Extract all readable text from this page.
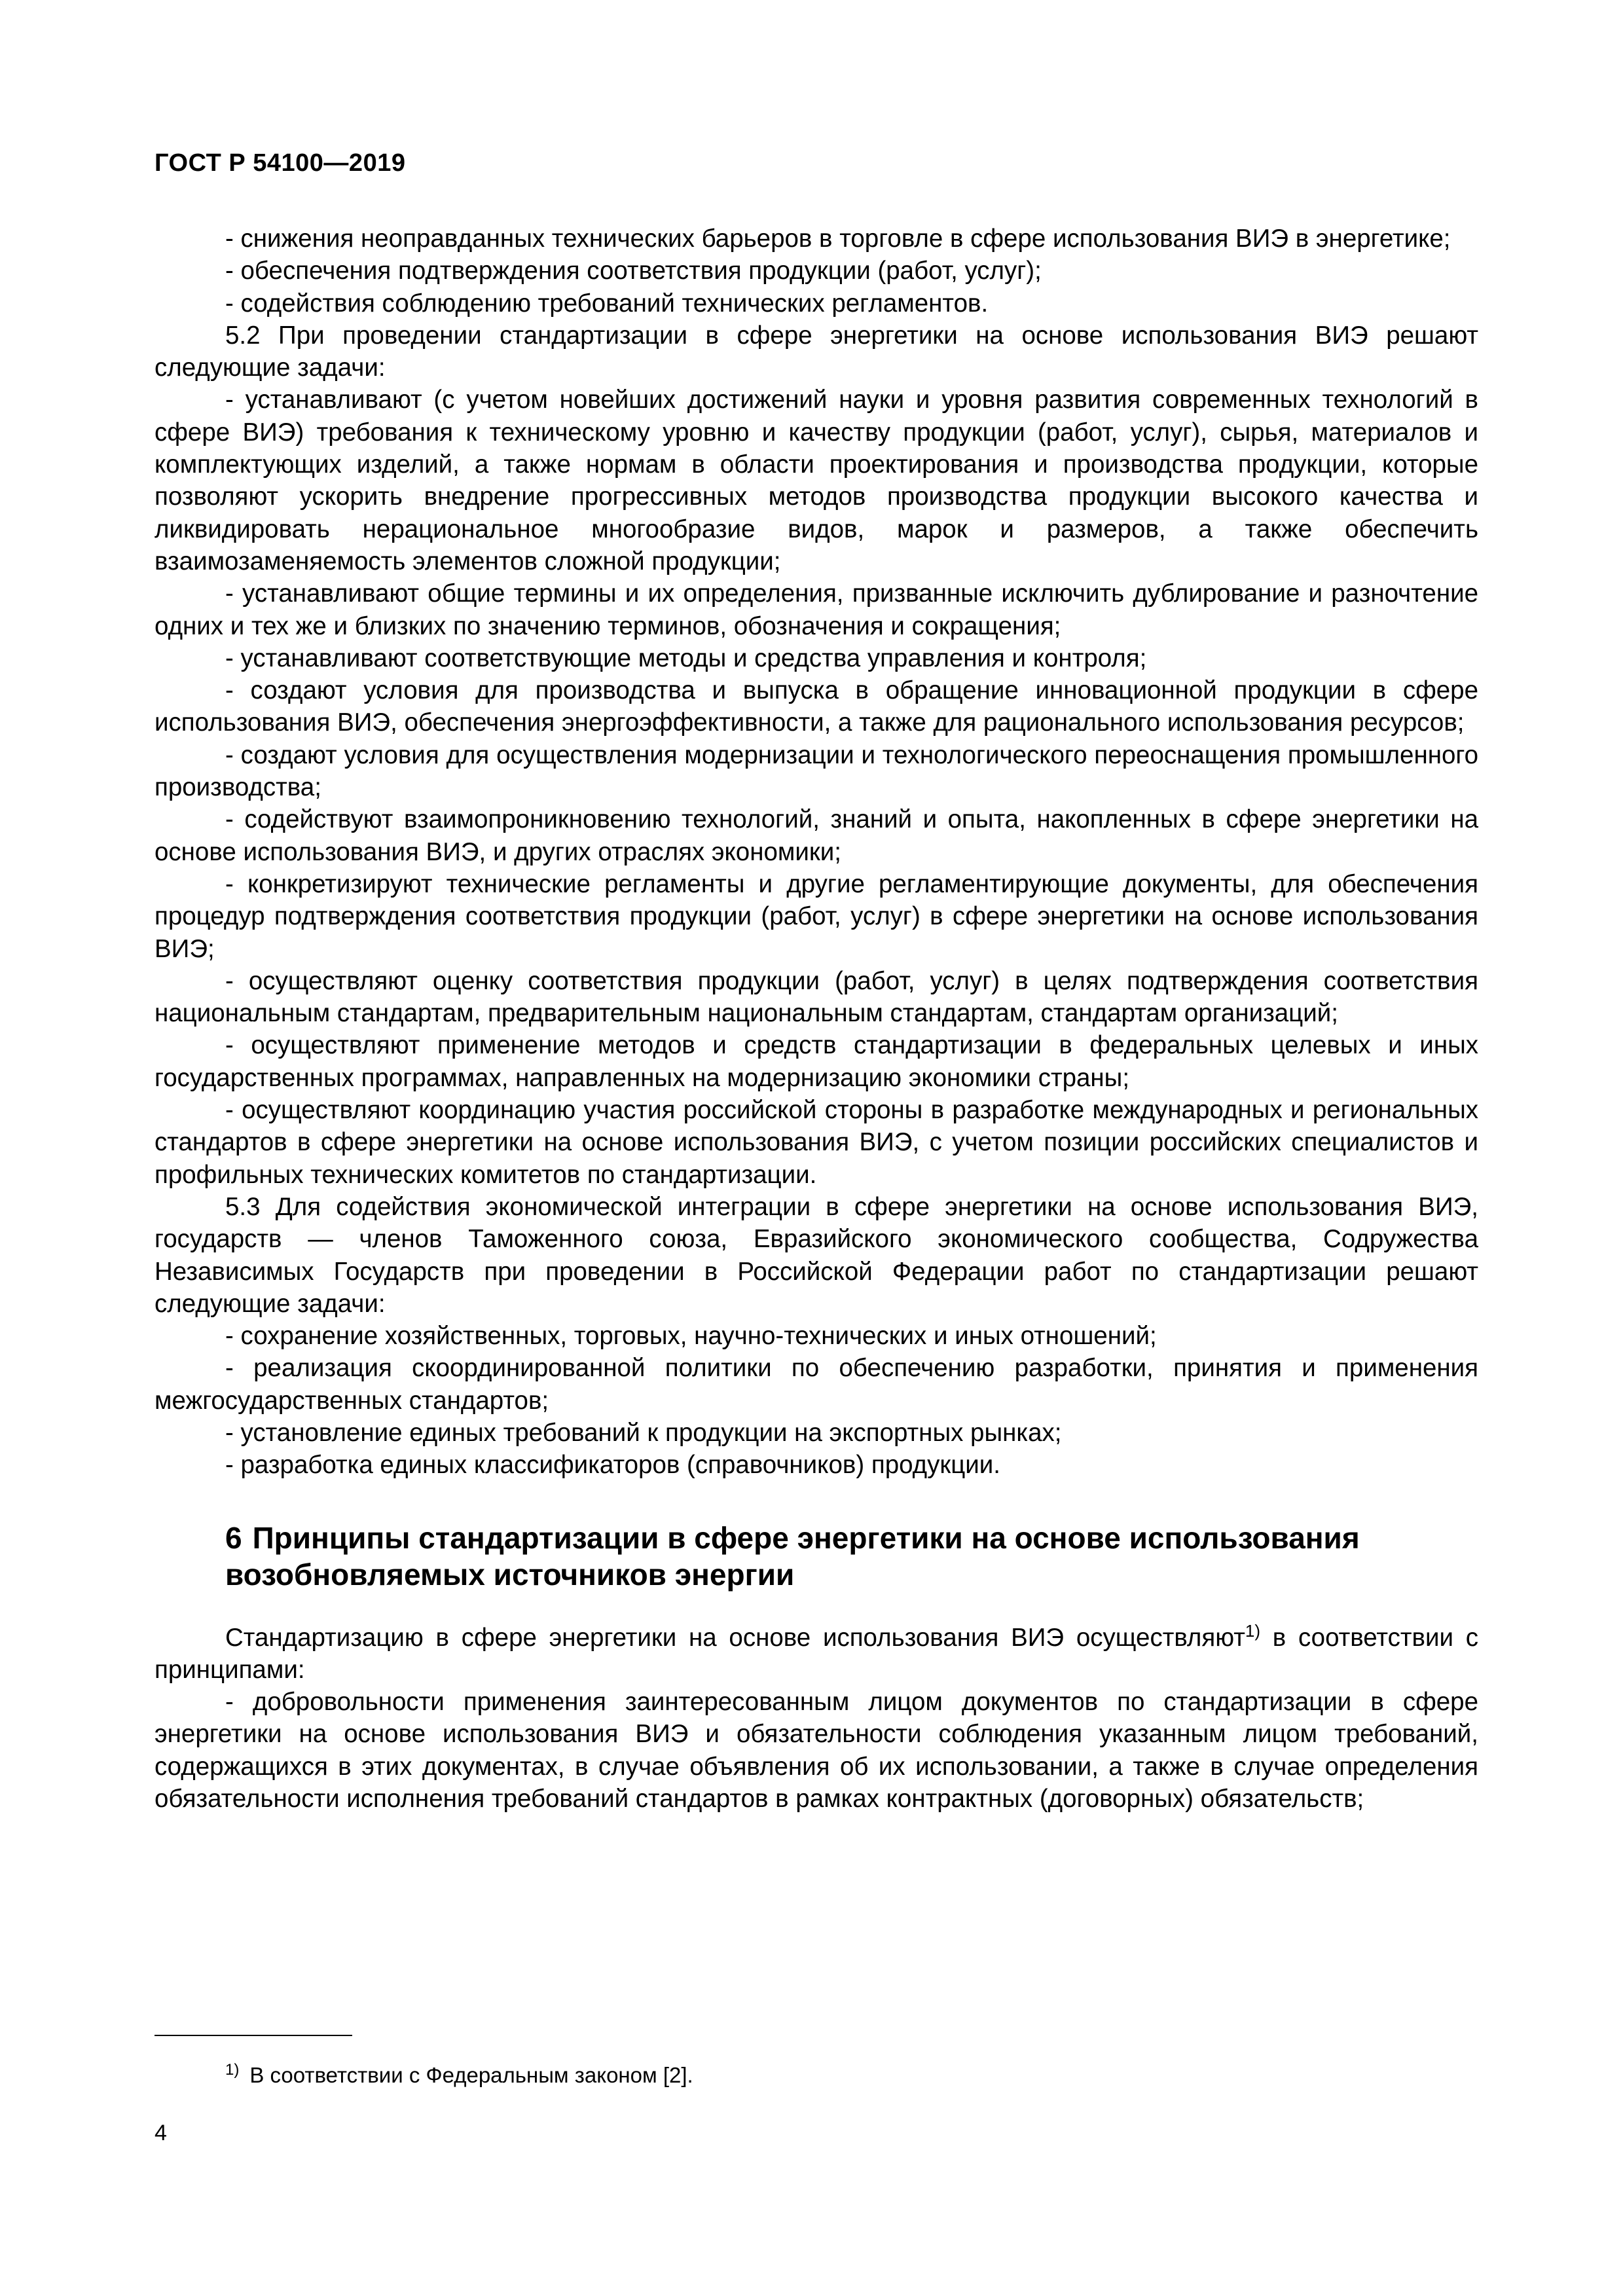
ГОСТ Р 54100—2019

- снижения неоправданных технических барьеров в торговле в сфере использования ВИЭ в энергетике;

- обеспечения подтверждения соответствия продукции (работ, услуг);

- содействия соблюдению требований технических регламентов.

5.2 При проведении стандартизации в сфере энергетики на основе использования ВИЭ решают следующие задачи:

- устанавливают (с учетом новейших достижений науки и уровня развития современных технологий в сфере ВИЭ) требования к техническому уровню и качеству продукции (работ, услуг), сырья, материалов и комплектующих изделий, а также нормам в области проектирования и производства продукции, которые позволяют ускорить внедрение прогрессивных методов производства продукции высокого качества и ликвидировать нерациональное многообразие видов, марок и размеров, а также обеспечить взаимозаменяемость элементов сложной продукции;

- устанавливают общие термины и их определения, призванные исключить дублирование и разночтение одних и тех же и близких по значению терминов, обозначения и сокращения;

- устанавливают соответствующие методы и средства управления и контроля;

- создают условия для производства и выпуска в обращение инновационной продукции в сфере использования ВИЭ, обеспечения энергоэффективности, а также для рационального использования ресурсов;

- создают условия для осуществления модернизации и технологического переоснащения промышленного производства;

- содействуют взаимопроникновению технологий, знаний и опыта, накопленных в сфере энергетики на основе использования ВИЭ, и других отраслях экономики;

- конкретизируют технические регламенты и другие регламентирующие документы, для обеспечения процедур подтверждения соответствия продукции (работ, услуг) в сфере энергетики на основе использования ВИЭ;

- осуществляют оценку соответствия продукции (работ, услуг) в целях подтверждения соответствия национальным стандартам, предварительным национальным стандартам, стандартам организаций;

- осуществляют применение методов и средств стандартизации в федеральных целевых и иных государственных программах, направленных на модернизацию экономики страны;

- осуществляют координацию участия российской стороны в разработке международных и региональных стандартов в сфере энергетики на основе использования ВИЭ, с учетом позиции российских специалистов и профильных технических комитетов по стандартизации.

5.3 Для содействия экономической интеграции в сфере энергетики на основе использования ВИЭ, государств — членов Таможенного союза, Евразийского экономического сообщества, Содружества Независимых Государств при проведении в Российской Федерации работ по стандартизации решают следующие задачи:

- сохранение хозяйственных, торговых, научно-технических и иных отношений;

- реализация скоординированной политики по обеспечению разработки, принятия и применения межгосударственных стандартов;

- установление единых требований к продукции на экспортных рынках;

- разработка единых классификаторов (справочников) продукции.

6 Принципы стандартизации в сфере энергетики на основе использования возобновляемых источников энергии

Стандартизацию в сфере энергетики на основе использования ВИЭ осуществляют$^{1)}$ в соответствии с принципами:

- добровольности применения заинтересованным лицом документов по стандартизации в сфере энергетики на основе использования ВИЭ и обязательности соблюдения указанным лицом требований, содержащихся в этих документах, в случае объявления об их использовании, а также в случае определения обязательности исполнения требований стандартов в рамках контрактных (договорных) обязательств;

$^{1)}$ В соответствии с Федеральным законом [2].
4
